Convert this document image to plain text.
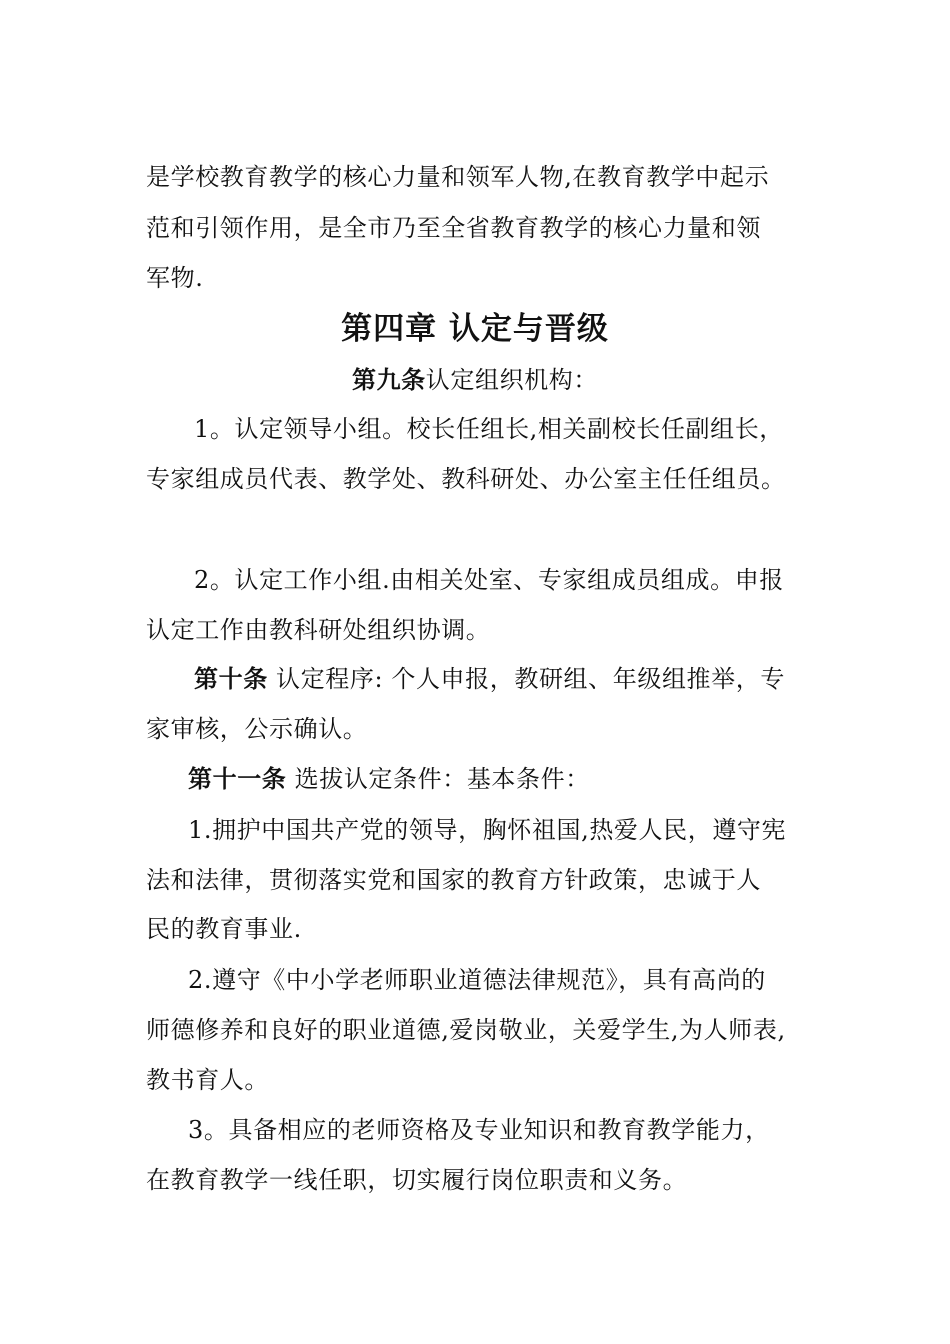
是学校教育教学的核心力量和领军人物,在教育教学中起示
范和引领作用，是全市乃至全省教育教学的核心力量和领
军物.
第四章 认定与晋级
第九条认定组织机构：
1。认定领导小组。校长任组长,相关副校长任副组长，
专家组成员代表、教学处、教科研处、办公室主任任组员。
2。认定工作小组.由相关处室、专家组成员组成。申报
认定工作由教科研处组织协调。
第十条 认定程序: 个人申报，教研组、年级组推举，专
家审核，公示确认。
第十一条 选拔认定条件：基本条件：
1.拥护中国共产党的领导，胸怀祖国,热爱人民，遵守宪
法和法律，贯彻落实党和国家的教育方针政策，忠诚于人
民的教育事业.
2.遵守《中小学老师职业道德法律规范》，具有高尚的
师德修养和良好的职业道德,爱岗敬业，关爱学生,为人师表,
教书育人。
3。具备相应的老师资格及专业知识和教育教学能力，
在教育教学一线任职，切实履行岗位职责和义务。
